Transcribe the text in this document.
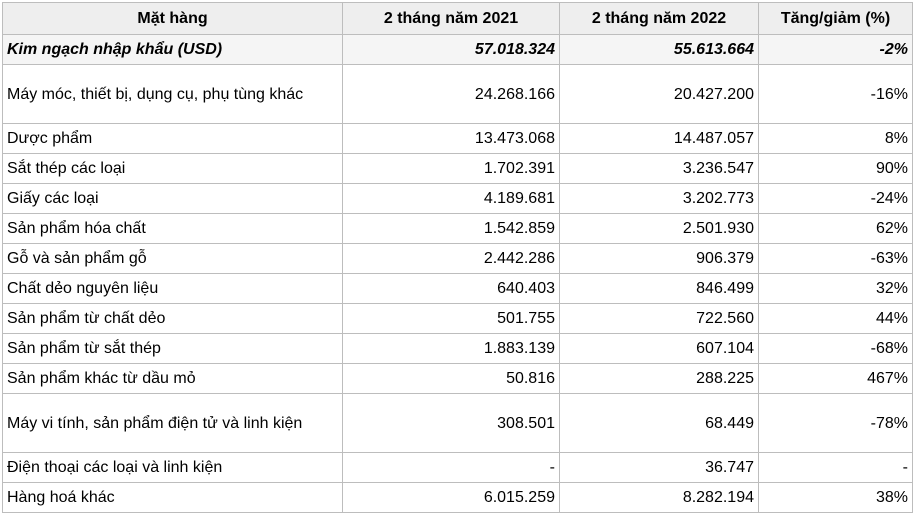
Mặt hàng	2 tháng năm 2021	2 tháng năm 2022	Tăng/giảm (%)
Kim ngạch nhập khẩu (USD)	57.018.324	55.613.664	-2%
Máy móc, thiết bị, dụng cụ, phụ tùng khác	24.268.166	20.427.200	-16%
Dược phẩm	13.473.068	14.487.057	8%
Sắt thép các loại	1.702.391	3.236.547	90%
Giấy các loại	4.189.681	3.202.773	-24%
Sản phẩm hóa chất	1.542.859	2.501.930	62%
Gỗ và sản phẩm gỗ	2.442.286	906.379	-63%
Chất dẻo nguyên liệu	640.403	846.499	32%
Sản phẩm từ chất dẻo	501.755	722.560	44%
Sản phẩm từ sắt thép	1.883.139	607.104	-68%
Sản phẩm khác từ dầu mỏ	50.816	288.225	467%
Máy vi tính, sản phẩm điện tử và linh kiện	308.501	68.449	-78%
Điện thoại các loại và linh kiện	-	36.747	-
Hàng hoá khác	6.015.259	8.282.194	38%
